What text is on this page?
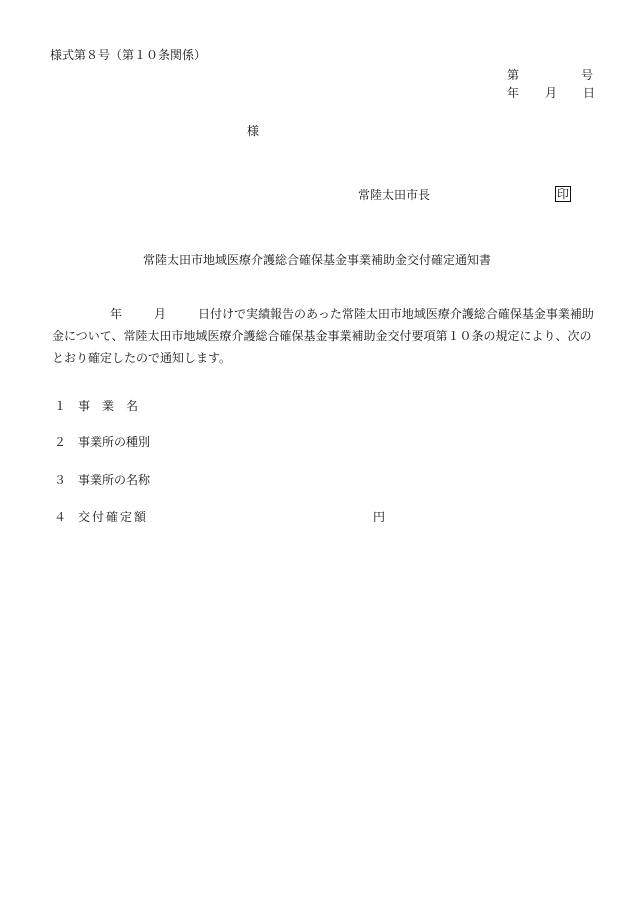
様式第８号（第１０条関係）
第	号
年 月 日
様
常陸太田市長	印
常陸太田市地域医療介護総合確保基金事業補助金交付確定通知書
年	月	日付けで実績報告のあった常陸太田市地域医療介護総合確保基金事業補助金について、常陸太田市地域医療介護総合確保基金事業補助金交付要項第１０条の規定により、次のとおり確定したので通知します。
１ 事　業　名
２ 事業所の種別
３ 事業所の名称
４ 交付確定額	円
